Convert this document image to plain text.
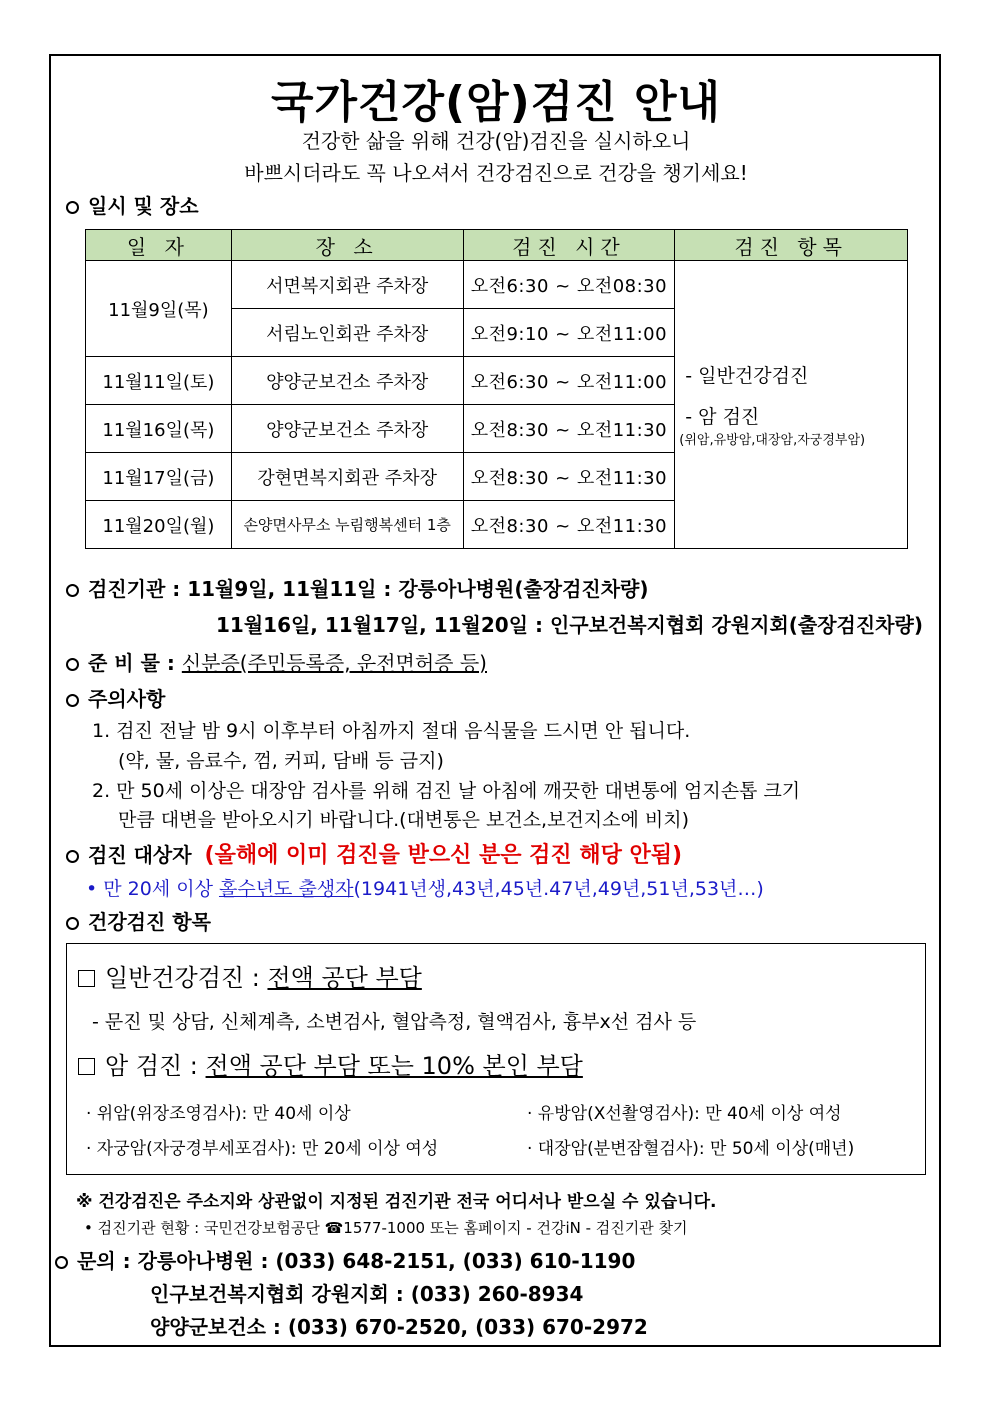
국가건강(암)검진 안내
건강한 삶을 위해 건강(암)검진을 실시하오니
바쁘시더라도 꼭 나오셔서 건강검진으로 건강을 챙기세요!
일시 및 장소
일 자	장 소	검진 시간	검진 항목
11월9일(목)	서면복지회관 주차장	오전6:30 ~ 오전08:30	- 일반건강검진
- 암 검진
(위암,유방암,대장암,자궁경부암)

	서림노인회관 주차장	오전9:10 ~ 오전11:00	
11월11일(토)	양양군보건소 주차장	오전6:30 ~ 오전11:00	
11월16일(목)	양양군보건소 주차장	오전8:30 ~ 오전11:30	
11월17일(금)	강현면복지회관 주차장	오전8:30 ~ 오전11:30	
11월20일(월)	손양면사무소 누림행복센터 1층	오전8:30 ~ 오전11:30	
검진기관 : 11월9일, 11월11일 : 강릉아나병원(출장검진차량)
11월16일, 11월17일, 11월20일 : 인구보건복지협회 강원지회(출장검진차량)
준 비 물 : 신분증(주민등록증, 운전면허증 등)
주의사항
1. 검진 전날 밤 9시 이후부터 아침까지 절대 음식물을 드시면 안 됩니다.
(약, 물, 음료수, 껌, 커피, 담배 등 금지)
2. 만 50세 이상은 대장암 검사를 위해 검진 날 아침에 깨끗한 대변통에 엄지손톱 크기
만큼 대변을 받아오시기 바랍니다.(대변통은 보건소,보건지소에 비치)
검진 대상자 (올해에 이미 검진을 받으신 분은 검진 해당 안됨)
• 만 20세 이상 홀수년도 출생자(1941년생,43년,45년.47년,49년,51년,53년…)
건강검진 항목
일반건강검진 : 전액 공단 부담
- 문진 및 상담, 신체계측, 소변검사, 혈압측정, 혈액검사, 흉부x선 검사 등
암 검진 : 전액 공단 부담 또는 10% 본인 부담
· 위암(위장조영검사): 만 40세 이상	· 유방암(X선촬영검사): 만 40세 이상 여성
· 자궁암(자궁경부세포검사): 만 20세 이상 여성	· 대장암(분변잠혈검사): 만 50세 이상(매년)
※ 건강검진은 주소지와 상관없이 지정된 검진기관 전국 어디서나 받으실 수 있습니다.
• 검진기관 현황 : 국민건강보험공단 ☎1577-1000 또는 홈페이지 - 건강iN - 검진기관 찾기
문의 : 강릉아나병원 : (033) 648-2151, (033) 610-1190
인구보건복지협회 강원지회 : (033) 260-8934
양양군보건소 : (033) 670-2520, (033) 670-2972
